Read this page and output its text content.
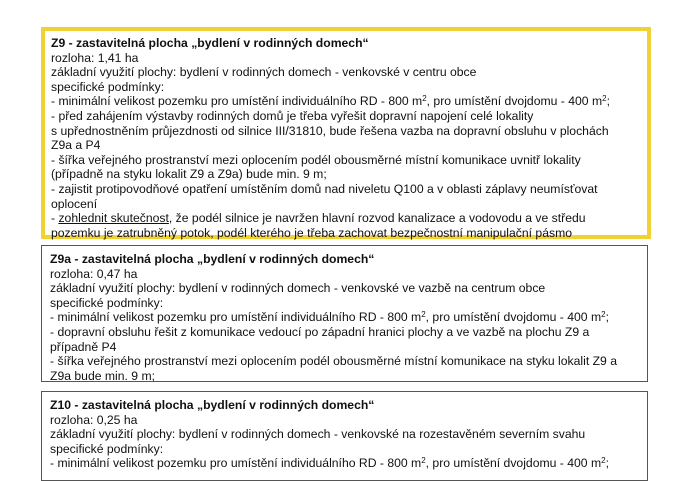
Z9 - zastavitelná plocha „bydlení v rodinných domech“
rozloha: 1,41 ha
základní využití plochy: bydlení v rodinných domech - venkovské v centru obce
specifické podmínky:
- minimální velikost pozemku pro umístění individuálního RD - 800 $m^2$, pro umístění dvojdomu - 400 $m^2$;
- před zahájením výstavby rodinných domů je třeba vyřešit dopravní napojení celé lokality
s upřednostněním průjezdnosti od silnice III/31810, bude řešena vazba na dopravní obsluhu v plochách
Z9a a P4
- šířka veřejného prostranství mezi oplocením podél obousměrné místní komunikace uvnitř lokality
(případně na styku lokalit Z9 a Z9a) bude min. 9 m;
- zajistit protipovodňové opatření umístěním domů nad niveletu Q100 a v oblasti záplavy neumísťovat
oplocení
- zohlednit skutečnost, že podél silnice je navržen hlavní rozvod kanalizace a vodovodu a ve středu
pozemku je zatrubněný potok, podél kterého je třeba zachovat bezpečnostní manipulační pásmo
Z9a - zastavitelná plocha „bydlení v rodinných domech“
rozloha: 0,47 ha
základní využití plochy: bydlení v rodinných domech - venkovské ve vazbě na centrum obce
specifické podmínky:
- minimální velikost pozemku pro umístění individuálního RD - 800 $m^2$, pro umístění dvojdomu - 400 $m^2$;
- dopravní obsluhu řešit z komunikace vedoucí po západní hranici plochy a ve vazbě na plochu Z9 a
případně P4
- šířka veřejného prostranství mezi oplocením podél obousměrné místní komunikace na styku lokalit Z9 a
Z9a bude min. 9 m;
Z10 - zastavitelná plocha „bydlení v rodinných domech“
rozloha: 0,25 ha
základní využití plochy: bydlení v rodinných domech - venkovské na rozestavěném severním svahu
specifické podmínky:
- minimální velikost pozemku pro umístění individuálního RD - 800 $m^2$, pro umístění dvojdomu - 400 $m^2$;
